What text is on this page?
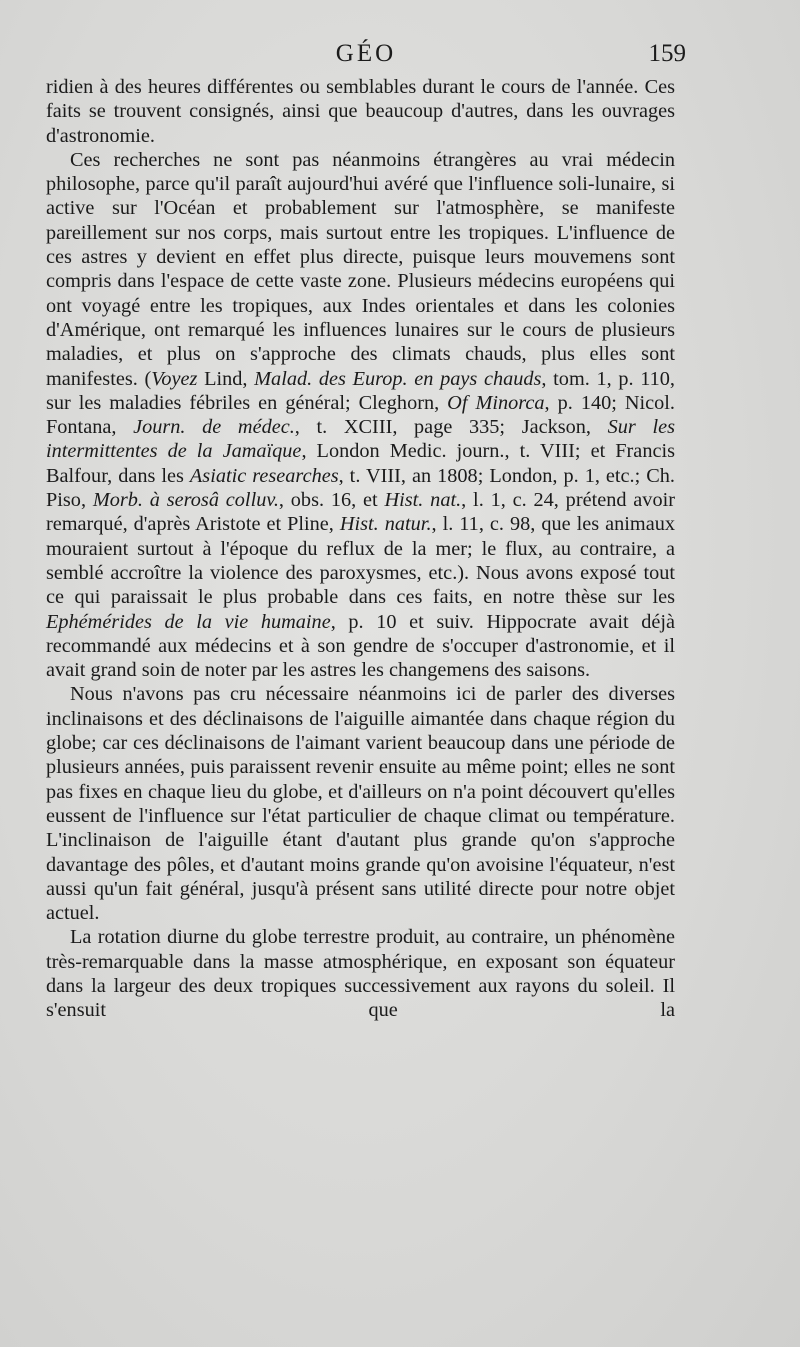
GÉO	159

ridien à des heures différentes ou semblables durant le cours de l'année. Ces faits se trouvent consignés, ainsi que beaucoup d'autres, dans les ouvrages d'astronomie.

Ces recherches ne sont pas néanmoins étrangères au vrai médecin philosophe, parce qu'il paraît aujourd'hui avéré que l'influence soli-lunaire, si active sur l'Océan et probablement sur l'atmosphère, se manifeste pareillement sur nos corps, mais surtout entre les tropiques. L'influence de ces astres y devient en effet plus directe, puisque leurs mouvemens sont compris dans l'espace de cette vaste zone. Plusieurs médecins européens qui ont voyagé entre les tropiques, aux Indes orientales et dans les colonies d'Amérique, ont remarqué les influences lunaires sur le cours de plusieurs maladies, et plus on s'approche des climats chauds, plus elles sont manifestes. (Voyez Lind, Malad. des Europ. en pays chauds, tom. 1, p. 110, sur les maladies fébriles en général; Cleghorn, Of Minorca, p. 140; Nicol. Fontana, Journ. de médec., t. XCIII, page 335; Jackson, Sur les intermittentes de la Jamaïque, London Medic. journ., t. VIII; et Francis Balfour, dans les Asiatic researches, t. VIII, an 1808; London, p. 1, etc.; Ch. Piso, Morb. à serosâ colluv., obs. 16, et Hist. nat., l. 1, c. 24, prétend avoir remarqué, d'après Aristote et Pline, Hist. natur., l. 11, c. 98, que les animaux mouraient surtout à l'époque du reflux de la mer; le flux, au contraire, a semblé accroître la violence des paroxysmes, etc.). Nous avons exposé tout ce qui paraissait le plus probable dans ces faits, en notre thèse sur les Ephémérides de la vie humaine, p. 10 et suiv. Hippocrate avait déjà recommandé aux médecins et à son gendre de s'occuper d'astronomie, et il avait grand soin de noter par les astres les changemens des saisons.

Nous n'avons pas cru nécessaire néanmoins ici de parler des diverses inclinaisons et des déclinaisons de l'aiguille aimantée dans chaque région du globe; car ces déclinaisons de l'aimant varient beaucoup dans une période de plusieurs années, puis paraissent revenir ensuite au même point; elles ne sont pas fixes en chaque lieu du globe, et d'ailleurs on n'a point découvert qu'elles eussent de l'influence sur l'état particulier de chaque climat ou température. L'inclinaison de l'aiguille étant d'autant plus grande qu'on s'approche davantage des pôles, et d'autant moins grande qu'on avoisine l'équateur, n'est aussi qu'un fait général, jusqu'à présent sans utilité directe pour notre objet actuel.

La rotation diurne du globe terrestre produit, au contraire, un phénomène très-remarquable dans la masse atmosphérique, en exposant son équateur dans la largeur des deux tropiques successivement aux rayons du soleil. Il s'ensuit que la
